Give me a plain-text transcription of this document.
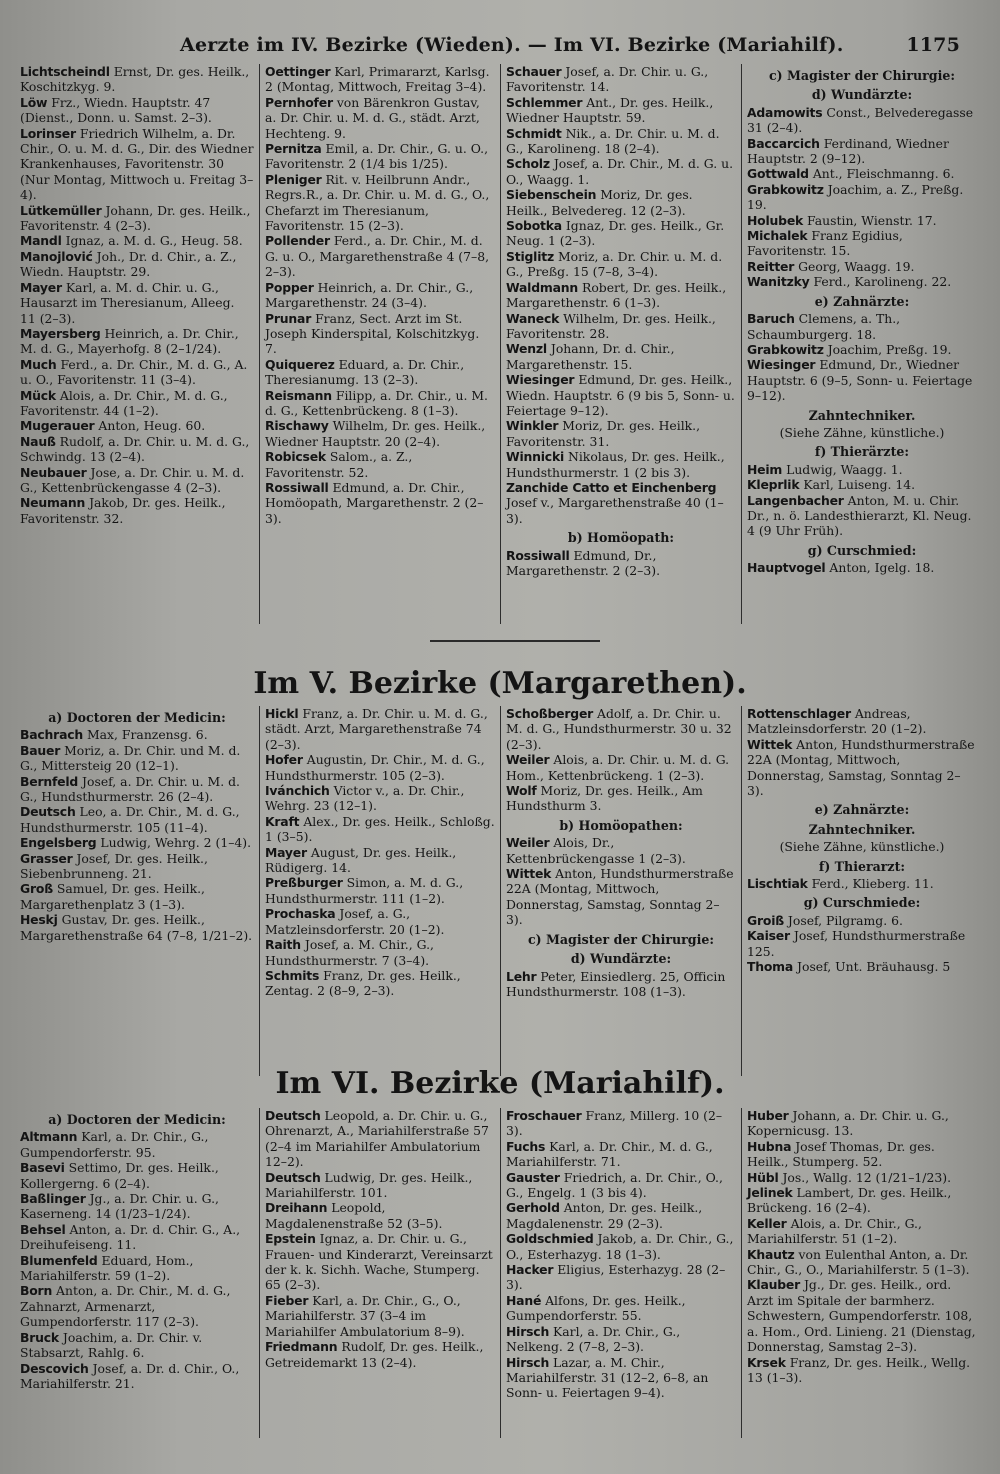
Aerzte im IV. Bezirke (Wieden). — Im VI. Bezirke (Mariahilf).	1175

Lichtscheindl Ernst, Dr. ges. Heilk., Koschitzkyg. 9.

Löw Frz., Wiedn. Hauptstr. 47 (Dienst., Donn. u. Samst. 2–3).

Lorinser Friedrich Wilhelm, a. Dr. Chir., O. u. M. d. G., Dir. des Wiedner Krankenhauses, Favoritenstr. 30 (Nur Montag, Mittwoch u. Freitag 3–4).

Lütkemüller Johann, Dr. ges. Heilk., Favoritenstr. 4 (2–3).

Mandl Ignaz, a. M. d. G., Heug. 58.

Manojlović Joh., Dr. d. Chir., a. Z., Wiedn. Hauptstr. 29.

Mayer Karl, a. M. d. Chir. u. G., Hausarzt im Theresianum, Alleeg. 11 (2–3).

Mayersberg Heinrich, a. Dr. Chir., M. d. G., Mayerhofg. 8 (2–1/24).

Much Ferd., a. Dr. Chir., M. d. G., A. u. O., Favoritenstr. 11 (3–4).

Mück Alois, a. Dr. Chir., M. d. G., Favoritenstr. 44 (1–2).

Mugerauer Anton, Heug. 60.

Nauß Rudolf, a. Dr. Chir. u. M. d. G., Schwindg. 13 (2–4).

Neubauer Jose, a. Dr. Chir. u. M. d. G., Kettenbrückengasse 4 (2–3).

Neumann Jakob, Dr. ges. Heilk., Favoritenstr. 32.

Oettinger Karl, Primararzt, Karlsg. 2 (Montag, Mittwoch, Freitag 3–4).

Pernhofer von Bärenkron Gustav, a. Dr. Chir. u. M. d. G., städt. Arzt, Hechteng. 9.

Pernitza Emil, a. Dr. Chir., G. u. O., Favoritenstr. 2 (1/4 bis 1/25).

Pleniger Rit. v. Heilbrunn Andr., Regrs.R., a. Dr. Chir. u. M. d. G., O., Chefarzt im Theresianum, Favoritenstr. 15 (2–3).

Pollender Ferd., a. Dr. Chir., M. d. G. u. O., Margarethenstraße 4 (7–8, 2–3).

Popper Heinrich, a. Dr. Chir., G., Margarethenstr. 24 (3–4).

Prunar Franz, Sect. Arzt im St. Joseph Kinderspital, Kolschitzkyg. 7.

Quiquerez Eduard, a. Dr. Chir., Theresianumg. 13 (2–3).

Reismann Filipp, a. Dr. Chir., u. M. d. G., Kettenbrückeng. 8 (1–3).

Rischawy Wilhelm, Dr. ges. Heilk., Wiedner Hauptstr. 20 (2–4).

Robicsek Salom., a. Z., Favoritenstr. 52.

Rossiwall Edmund, a. Dr. Chir., Homöopath, Margarethenstr. 2 (2–3).

Schauer Josef, a. Dr. Chir. u. G., Favoritenstr. 14.

Schlemmer Ant., Dr. ges. Heilk., Wiedner Hauptstr. 59.

Schmidt Nik., a. Dr. Chir. u. M. d. G., Karolineng. 18 (2–4).

Scholz Josef, a. Dr. Chir., M. d. G. u. O., Waagg. 1.

Siebenschein Moriz, Dr. ges. Heilk., Belvedereg. 12 (2–3).

Sobotka Ignaz, Dr. ges. Heilk., Gr. Neug. 1 (2–3).

Stiglitz Moriz, a. Dr. Chir. u. M. d. G., Preßg. 15 (7–8, 3–4).

Waldmann Robert, Dr. ges. Heilk., Margarethenstr. 6 (1–3).

Waneck Wilhelm, Dr. ges. Heilk., Favoritenstr. 28.

Wenzl Johann, Dr. d. Chir., Margarethenstr. 15.

Wiesinger Edmund, Dr. ges. Heilk., Wiedn. Hauptstr. 6 (9 bis 5, Sonn- u. Feiertage 9–12).

Winkler Moriz, Dr. ges. Heilk., Favoritenstr. 31.

Winnicki Nikolaus, Dr. ges. Heilk., Hundsthurmerstr. 1 (2 bis 3).

Zanchide Catto et Einchenberg Josef v., Margarethenstraße 40 (1–3).

b) Homöopath:

Rossiwall Edmund, Dr., Margarethenstr. 2 (2–3).

c) Magister der Chirurgie:
d) Wundärzte:

Adamowits Const., Belvederegasse 31 (2–4).

Baccarcich Ferdinand, Wiedner Hauptstr. 2 (9–12).

Gottwald Ant., Fleischmanng. 6.

Grabkowitz Joachim, a. Z., Preßg. 19.

Holubek Faustin, Wienstr. 17.

Michalek Franz Egidius, Favoritenstr. 15.

Reitter Georg, Waagg. 19.

Wanitzky Ferd., Karolineng. 22.

e) Zahnärzte:

Baruch Clemens, a. Th., Schaumburgerg. 18.

Grabkowitz Joachim, Preßg. 19.

Wiesinger Edmund, Dr., Wiedner Hauptstr. 6 (9–5, Sonn- u. Feiertage 9–12).

Zahntechniker.
(Siehe Zähne, künstliche.)
f) Thierärzte:

Heim Ludwig, Waagg. 1.

Kleprlik Karl, Luiseng. 14.

Langenbacher Anton, M. u. Chir. Dr., n. ö. Landesthierarzt, Kl. Neug. 4 (9 Uhr Früh).

g) Curschmied:

Hauptvogel Anton, Igelg. 18.

Im V. Bezirke (Margarethen).
a) Doctoren der Medicin:

Bachrach Max, Franzensg. 6.

Bauer Moriz, a. Dr. Chir. und M. d. G., Mittersteig 20 (12–1).

Bernfeld Josef, a. Dr. Chir. u. M. d. G., Hundsthurmerstr. 26 (2–4).

Deutsch Leo, a. Dr. Chir., M. d. G., Hundsthurmerstr. 105 (11–4).

Engelsberg Ludwig, Wehrg. 2 (1–4).

Grasser Josef, Dr. ges. Heilk., Siebenbrunneng. 21.

Groß Samuel, Dr. ges. Heilk., Margarethenplatz 3 (1–3).

Heskj Gustav, Dr. ges. Heilk., Margarethenstraße 64 (7–8, 1/21–2).

Hickl Franz, a. Dr. Chir. u. M. d. G., städt. Arzt, Margarethenstraße 74 (2–3).

Hofer Augustin, Dr. Chir., M. d. G., Hundsthurmerstr. 105 (2–3).

Ivánchich Victor v., a. Dr. Chir., Wehrg. 23 (12–1).

Kraft Alex., Dr. ges. Heilk., Schloßg. 1 (3–5).

Mayer August, Dr. ges. Heilk., Rüdigerg. 14.

Preßburger Simon, a. M. d. G., Hundsthurmerstr. 111 (1–2).

Prochaska Josef, a. G., Matzleinsdorferstr. 20 (1–2).

Raith Josef, a. M. Chir., G., Hundsthurmerstr. 7 (3–4).

Schmits Franz, Dr. ges. Heilk., Zentag. 2 (8–9, 2–3).

Schoßberger Adolf, a. Dr. Chir. u. M. d. G., Hundsthurmerstr. 30 u. 32 (2–3).

Weiler Alois, a. Dr. Chir. u. M. d. G. Hom., Kettenbrückeng. 1 (2–3).

Wolf Moriz, Dr. ges. Heilk., Am Hundsthurm 3.

b) Homöopathen:

Weiler Alois, Dr., Kettenbrückengasse 1 (2–3).

Wittek Anton, Hundsthurmerstraße 22A (Montag, Mittwoch, Donnerstag, Samstag, Sonntag 2–3).

c) Magister der Chirurgie:
d) Wundärzte:

Lehr Peter, Einsiedlerg. 25, Officin Hundsthurmerstr. 108 (1–3).

Rottenschlager Andreas, Matzleinsdorferstr. 20 (1–2).

Wittek Anton, Hundsthurmerstraße 22A (Montag, Mittwoch, Donnerstag, Samstag, Sonntag 2–3).

e) Zahnärzte:
Zahntechniker.
(Siehe Zähne, künstliche.)
f) Thierarzt:

Lischtiak Ferd., Klieberg. 11.

g) Curschmiede:

Groiß Josef, Pilgramg. 6.

Kaiser Josef, Hundsthurmerstraße 125.

Thoma Josef, Unt. Bräuhausg. 5

Im VI. Bezirke (Mariahilf).
a) Doctoren der Medicin:

Altmann Karl, a. Dr. Chir., G., Gumpendorferstr. 95.

Basevi Settimo, Dr. ges. Heilk., Kollergerng. 6 (2–4).

Baßlinger Jg., a. Dr. Chir. u. G., Kaserneng. 14 (1/23–1/24).

Behsel Anton, a. Dr. d. Chir. G., A., Dreihufeiseng. 11.

Blumenfeld Eduard, Hom., Mariahilferstr. 59 (1–2).

Born Anton, a. Dr. Chir., M. d. G., Zahnarzt, Armenarzt, Gumpendorferstr. 117 (2–3).

Bruck Joachim, a. Dr. Chir. v. Stabsarzt, Rahlg. 6.

Descovich Josef, a. Dr. d. Chir., O., Mariahilferstr. 21.

Deutsch Leopold, a. Dr. Chir. u. G., Ohrenarzt, A., Mariahilferstraße 57 (2–4 im Mariahilfer Ambulatorium 12–2).

Deutsch Ludwig, Dr. ges. Heilk., Mariahilferstr. 101.

Dreihann Leopold, Magdalenenstraße 52 (3–5).

Epstein Ignaz, a. Dr. Chir. u. G., Frauen- und Kinderarzt, Vereinsarzt der k. k. Sichh. Wache, Stumperg. 65 (2–3).

Fieber Karl, a. Dr. Chir., G., O., Mariahilferstr. 37 (3–4 im Mariahilfer Ambulatorium 8–9).

Friedmann Rudolf, Dr. ges. Heilk., Getreidemarkt 13 (2–4).

Froschauer Franz, Millerg. 10 (2–3).

Fuchs Karl, a. Dr. Chir., M. d. G., Mariahilferstr. 71.

Gauster Friedrich, a. Dr. Chir., O., G., Engelg. 1 (3 bis 4).

Gerhold Anton, Dr. ges. Heilk., Magdalenenstr. 29 (2–3).

Goldschmied Jakob, a. Dr. Chir., G., O., Esterhazyg. 18 (1–3).

Hacker Eligius, Esterhazyg. 28 (2–3).

Hané Alfons, Dr. ges. Heilk., Gumpendorferstr. 55.

Hirsch Karl, a. Dr. Chir., G., Nelkeng. 2 (7–8, 2–3).

Hirsch Lazar, a. M. Chir., Mariahilferstr. 31 (12–2, 6–8, an Sonn- u. Feiertagen 9–4).

Huber Johann, a. Dr. Chir. u. G., Kopernicusg. 13.

Hubna Josef Thomas, Dr. ges. Heilk., Stumperg. 52.

Hübl Jos., Wallg. 12 (1/21–1/23).

Jelinek Lambert, Dr. ges. Heilk., Brückeng. 16 (2–4).

Keller Alois, a. Dr. Chir., G., Mariahilferstr. 51 (1–2).

Khautz von Eulenthal Anton, a. Dr. Chir., G., O., Mariahilferstr. 5 (1–3).

Klauber Jg., Dr. ges. Heilk., ord. Arzt im Spitale der barmherz. Schwestern, Gumpendorferstr. 108, a. Hom., Ord. Linieng. 21 (Dienstag, Donnerstag, Samstag 2–3).

Krsek Franz, Dr. ges. Heilk., Wellg. 13 (1–3).
